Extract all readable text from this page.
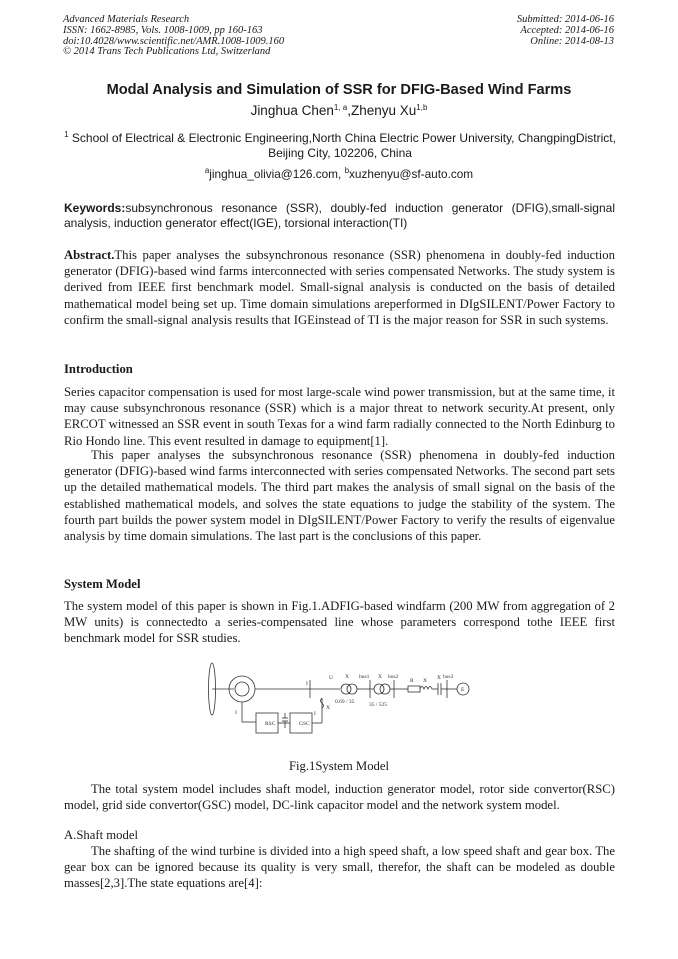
Advanced Materials Research
ISSN: 1662-8985, Vols. 1008-1009, pp 160-163
doi:10.4028/www.scientific.net/AMR.1008-1009.160
© 2014 Trans Tech Publications Ltd, Switzerland
Submitted: 2014-06-16
Accepted: 2014-06-16
Online: 2014-08-13
Modal Analysis and Simulation of SSR for DFIG-Based Wind Farms
Jinghua Chen$^{1, a}$,Zhenyu Xu$^{1,b}$
$^1$ School of Electrical & Electronic Engineering,North China Electric Power University, ChangpingDistrict, Beijing City, 102206, China
$^a$jinghua_olivia@126.com, $^b$xuzhenyu@sf-auto.com
Keywords:subsynchronous resonance (SSR), doubly-fed induction generator (DFIG),small-signal analysis, induction generator effect(IGE), torsional interaction(TI)
Abstract.This paper analyses the subsynchronous resonance (SSR) phenomena in doubly-fed induction generator (DFIG)-based wind farms interconnected with series compensated Networks. The study system is derived from IEEE first benchmark model. Small-signal analysis is conducted on the basis of detailed mathematical model being set up. Time domain simulations areperformed in DIgSILENT/Power Factory to confirm the small-signal analysis results that IGEinstead of TI is the major reason for SSR in such systems.
Introduction
Series capacitor compensation is used for most large-scale wind power transmission, but at the same time, it may cause subsynchronous resonance (SSR) which is a major threat to network security.At present, only ERCOT witnessed an SSR event in south Texas for a wind farm radially connected to the North Edinburg to Rio Hondo line. This event resulted in damage to equipment[1].
This paper analyses the subsynchronous resonance (SSR) phenomena in doubly-fed induction generator (DFIG)-based wind farms interconnected with series compensated Networks. The second part sets up the detailed mathematical models. The third part makes the analysis of small signal on the basis of the established mathematical models, and solves the state equations to judge the stability of the system. The fourth part builds the power system model in DIgSILENT/Power Factory to verify the results of eigenvalue analysis by time domain simulations. The last part is the conclusions of this paper.
System Model
The system model of this paper is shown in Fig.1.ADFIG-based windfarm (200 MW from aggregation of 2 MW units) is connectedto a series-compensated line whose parameters correspond tothe IEEE first benchmark model for SSR studies.
RSC	GSC
bus1	bus2	bus3
E
0.69 / 35	35 / 525
U
I
I	I
X
X	X
R X X
Fig.1System Model
The total system model includes shaft model, induction generator model, rotor side convertor(RSC) model, grid side convertor(GSC) model, DC-link capacitor model and the network system model.
A.Shaft model
The shafting of the wind turbine is divided into a high speed shaft, a low speed shaft and gear box. The gear box can be ignored because its quality is very small, therefor, the shaft can be modeled as double masses[2,3].The state equations are[4]:
